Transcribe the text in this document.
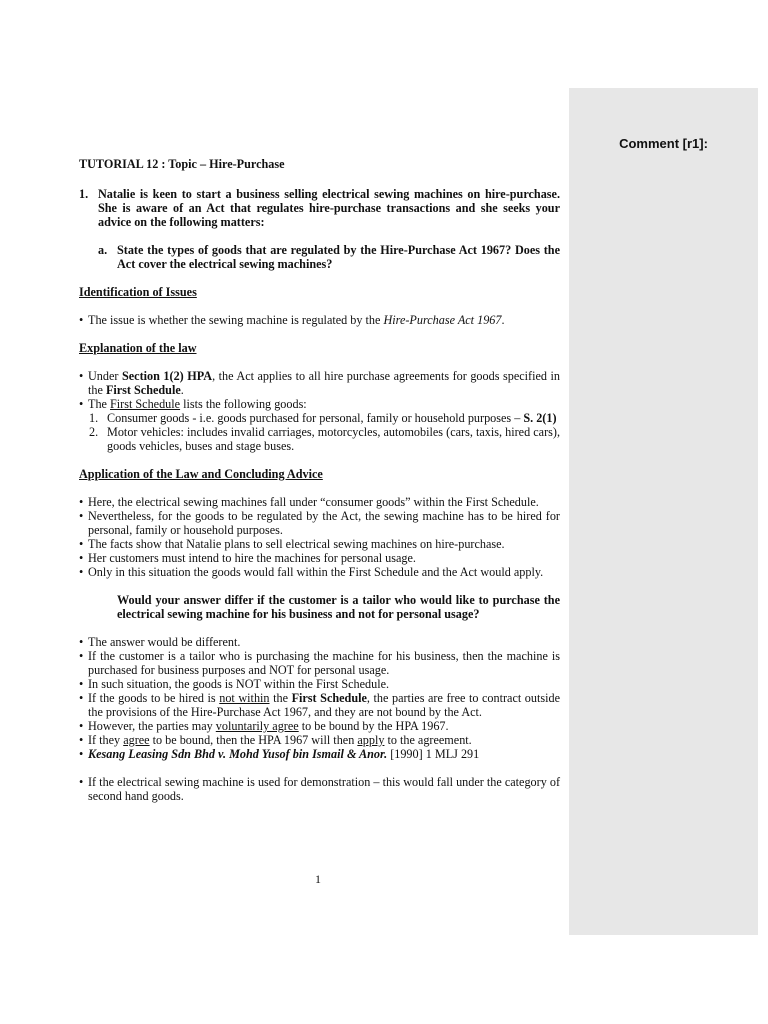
Comment [r1]:

TUTORIAL 12 : Topic – Hire-Purchase

1. Natalie is keen to start a business selling electrical sewing machines on hire-purchase. She is aware of an Act that regulates hire-purchase transactions and she seeks your advice on the following matters:
a. State the types of goods that are regulated by the Hire-Purchase Act 1967? Does the Act cover the electrical sewing machines?

Identification of Issues

• The issue is whether the sewing machine is regulated by the Hire-Purchase Act 1967.

Explanation of the law

• Under Section 1(2) HPA, the Act applies to all hire purchase agreements for goods specified in the First Schedule.
• The First Schedule lists the following goods:
1. Consumer goods - i.e. goods purchased for personal, family or household purposes – S. 2(1)
2. Motor vehicles: includes invalid carriages, motorcycles, automobiles (cars, taxis, hired cars), goods vehicles, buses and stage buses.

Application of the Law and Concluding Advice

• Here, the electrical sewing machines fall under “consumer goods” within the First Schedule.
• Nevertheless, for the goods to be regulated by the Act, the sewing machine has to be hired for personal, family or household purposes.
• The facts show that Natalie plans to sell electrical sewing machines on hire-purchase.
• Her customers must intend to hire the machines for personal usage.
• Only in this situation the goods would fall within the First Schedule and the Act would apply.

Would your answer differ if the customer is a tailor who would like to purchase the electrical sewing machine for his business and not for personal usage?

• The answer would be different.
• If the customer is a tailor who is purchasing the machine for his business, then the machine is purchased for business purposes and NOT for personal usage.
• In such situation, the goods is NOT within the First Schedule.
• If the goods to be hired is not within the First Schedule, the parties are free to contract outside the provisions of the Hire-Purchase Act 1967, and they are not bound by the Act.
• However, the parties may voluntarily agree to be bound by the HPA 1967.
• If they agree to be bound, then the HPA 1967 will then apply to the agreement.
• Kesang Leasing Sdn Bhd v. Mohd Yusof bin Ismail & Anor. [1990] 1 MLJ 291
• If the electrical sewing machine is used for demonstration – this would fall under the category of second hand goods.
1
